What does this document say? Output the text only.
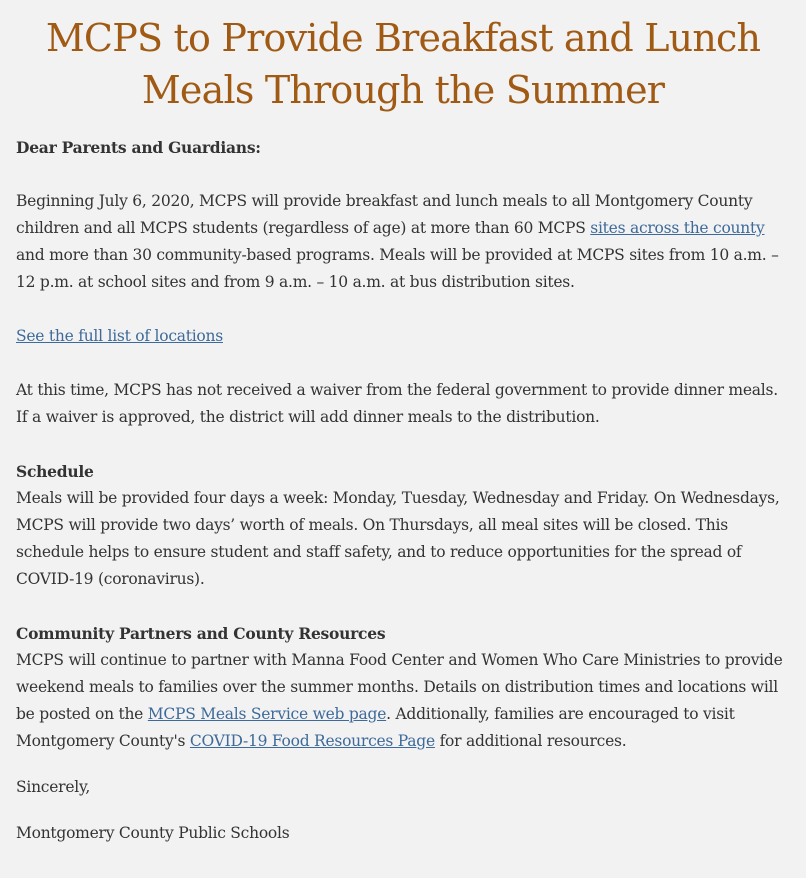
MCPS to Provide Breakfast and Lunch Meals Through the Summer

Dear Parents and Guardians:

Beginning July 6, 2020, MCPS will provide breakfast and lunch meals to all Montgomery County children and all MCPS students (regardless of age) at more than 60 MCPS sites across the county and more than 30 community-based programs. Meals will be provided at MCPS sites from 10 a.m. – 12 p.m. at school sites and from 9 a.m. – 10 a.m. at bus distribution sites.

See the full list of locations

At this time, MCPS has not received a waiver from the federal government to provide dinner meals. If a waiver is approved, the district will add dinner meals to the distribution.

Schedule

Meals will be provided four days a week: Monday, Tuesday, Wednesday and Friday. On Wednesdays, MCPS will provide two days’ worth of meals. On Thursdays, all meal sites will be closed. This schedule helps to ensure student and staff safety, and to reduce opportunities for the spread of COVID-19 (coronavirus).

Community Partners and County Resources

MCPS will continue to partner with Manna Food Center and Women Who Care Ministries to provide weekend meals to families over the summer months. Details on distribution times and locations will be posted on the MCPS Meals Service web page. Additionally, families are encouraged to visit Montgomery County's COVID-19 Food Resources Page for additional resources.

Sincerely,

Montgomery County Public Schools
